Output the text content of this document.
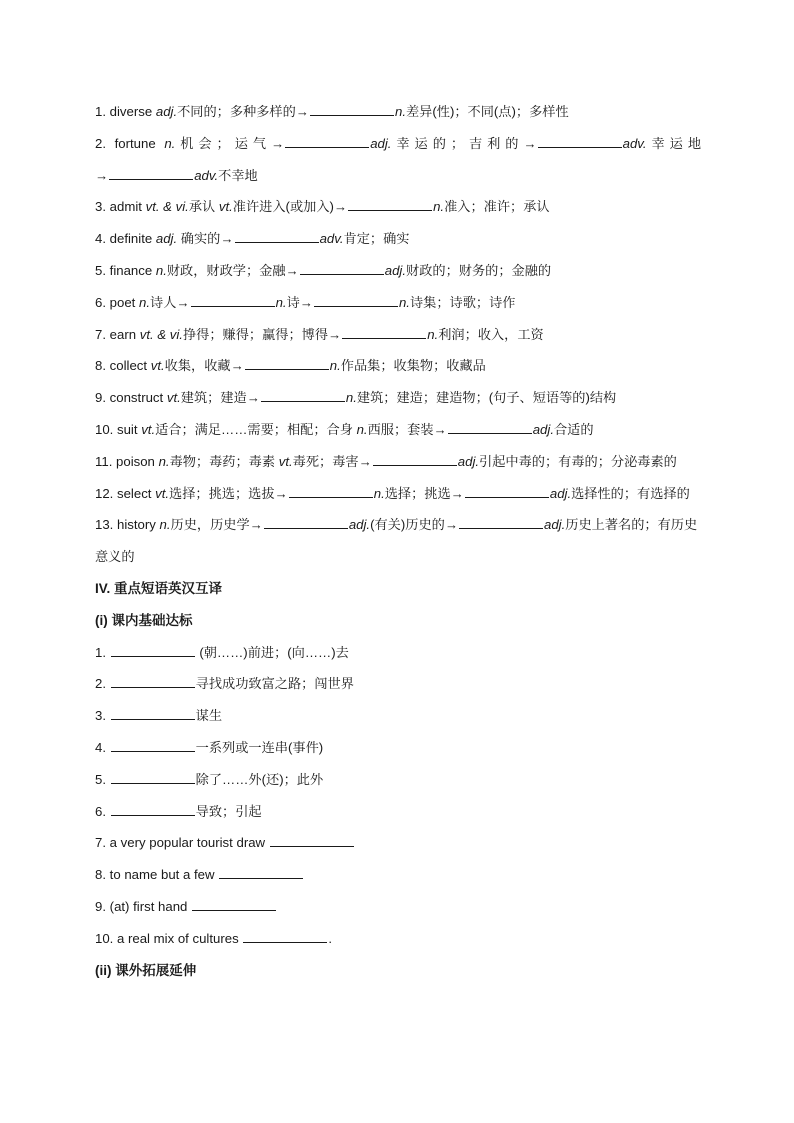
1. diverse adj.不同的；多种多样的→	n.差异(性)；不同(点)；多样性
2. fortune n.机会；运气→	adj.幸运的；吉利的→	adv.幸运地
→	adv.不幸地
3. admit vt. & vi.承认 vt.准许进入(或加入)→	n.准入；准许；承认
4. definite adj. 确实的→	adv.肯定；确实
5. finance n.财政，财政学；金融→	adj.财政的；财务的；金融的
6. poet n.诗人→	n.诗→	n.诗集；诗歌；诗作
7. earn vt. & vi.挣得；赚得；赢得；博得→	n.利润；收入，工资
8. collect vt.收集，收藏→	n.作品集；收集物；收藏品
9. construct vt.建筑；建造→	n.建筑；建造；建造物；(句子、短语等的)结构
10. suit vt.适合；满足……需要；相配；合身 n.西服；套装→	adj.合适的
11. poison n.毒物；毒药；毒素 vt.毒死；毒害→	adj.引起中毒的；有毒的；分泌毒素的
12. select vt.选择；挑选；选拔→	n.选择；挑选→	adj.选择性的；有选择的
13. history n.历史，历史学→	adj.(有关)历史的→	adj.历史上著名的；有历史意义的
IV. 重点短语英汉互译
(i) 课内基础达标
1.	(朝……)前进；(向……)去
2.	寻找成功致富之路；闯世界
3.	谋生
4.	一系列或一连串(事件)
5.	除了……外(还)；此外
6.	导致；引起
7. a very popular tourist draw
8. to name but a few
9. (at) first hand
10. a real mix of cultures	.
(ii) 课外拓展延伸
